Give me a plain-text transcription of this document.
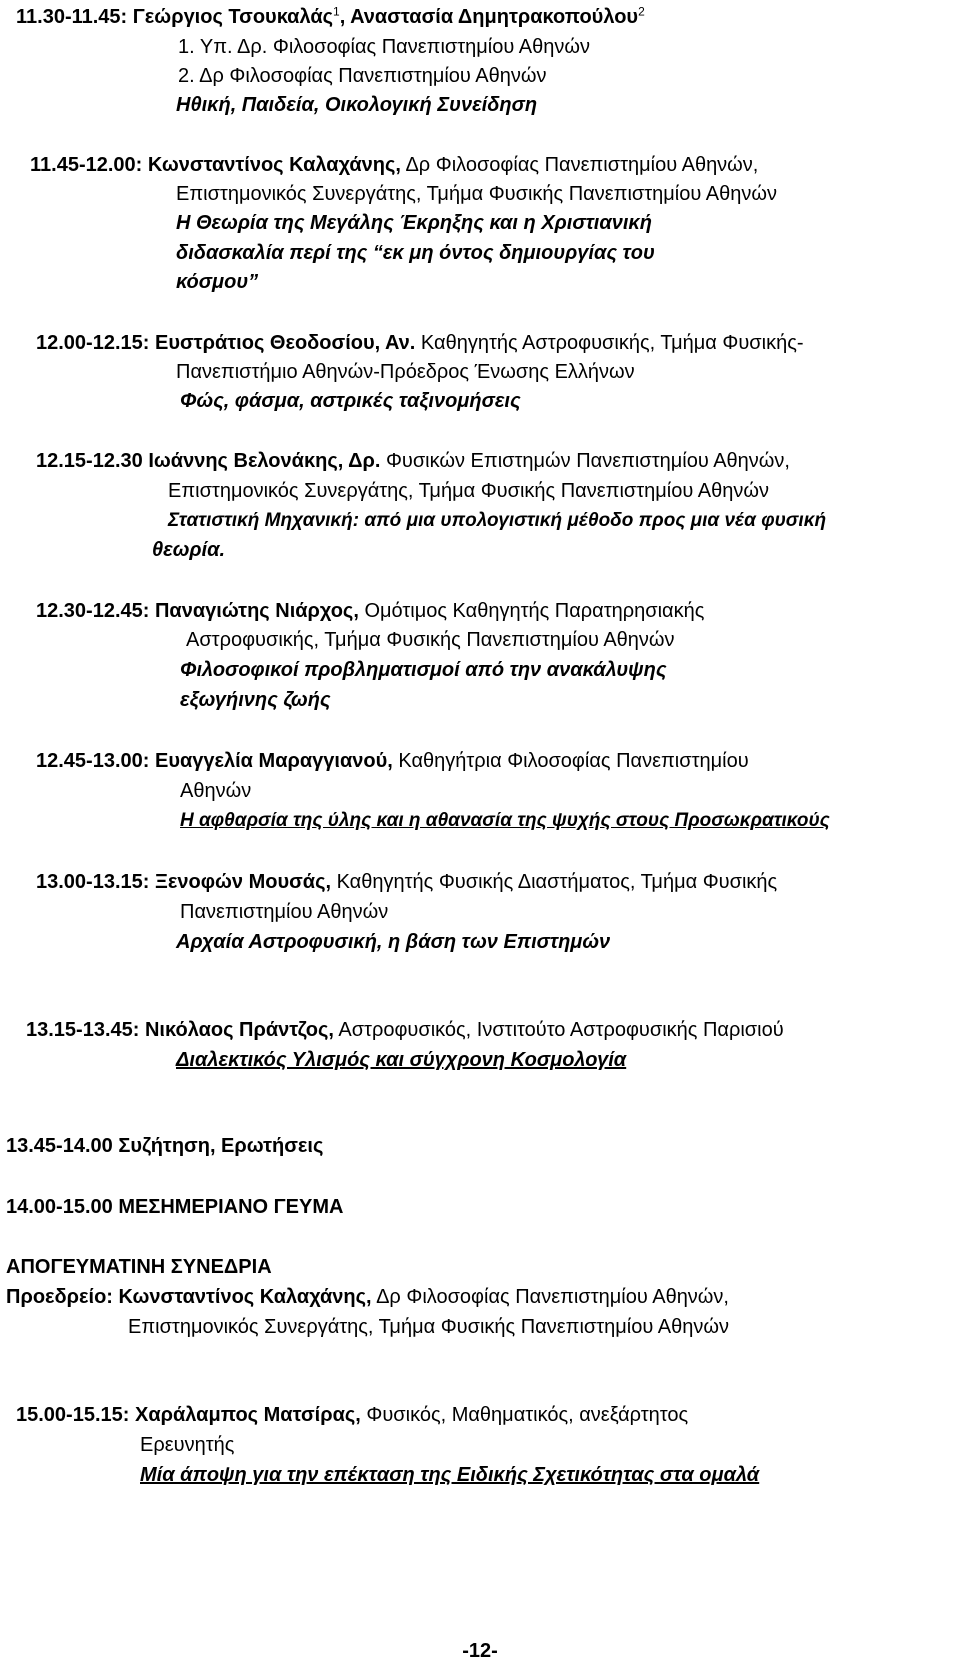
11.30-11.45: Γεώργιος Τσουκαλάς$^1$, Αναστασία Δημητρακοπούλου$^2$

1. Υπ. Δρ. Φιλοσοφίας Πανεπιστημίου Αθηνών

2. Δρ Φιλοσοφίας Πανεπιστημίου Αθηνών

Ηθική, Παιδεία, Οικολογική Συνείδηση

11.45-12.00: Κωνσταντίνος Καλαχάνης, Δρ Φιλοσοφίας Πανεπιστημίου Αθηνών,

Επιστημονικός Συνεργάτης, Τμήμα Φυσικής Πανεπιστημίου Αθηνών

Η Θεωρία της Μεγάλης Έκρηξης και η Χριστιανική

διδασκαλία περί της “εκ μη όντος δημιουργίας του

κόσμου”

12.00-12.15: Ευστράτιος Θεοδοσίου, Αν. Καθηγητής Αστροφυσικής, Τμήμα Φυσικής-

Πανεπιστήμιο Αθηνών-Πρόεδρος Ένωσης Ελλήνων

Φώς, φάσμα, αστρικές ταξινομήσεις

12.15-12.30 Ιωάννης Βελονάκης, Δρ. Φυσικών Επιστημών Πανεπιστημίου Αθηνών,

Επιστημονικός Συνεργάτης, Τμήμα Φυσικής Πανεπιστημίου Αθηνών

Στατιστική Μηχανική: από μια υπολογιστική μέθοδο προς μια νέα φυσική

θεωρία.

12.30-12.45: Παναγιώτης Νιάρχος, Ομότιμος Καθηγητής Παρατηρησιακής

Αστροφυσικής, Τμήμα Φυσικής Πανεπιστημίου Αθηνών

Φιλοσοφικοί προβληματισμοί από την ανακάλυψης

εξωγήινης ζωής

12.45-13.00: Ευαγγελία Μαραγγιανού, Καθηγήτρια Φιλοσοφίας Πανεπιστημίου

Αθηνών

Η αφθαρσία της ύλης και η αθανασία της ψυχής στους Προσωκρατικούς

13.00-13.15: Ξενοφών Μουσάς, Καθηγητής Φυσικής Διαστήματος, Τμήμα Φυσικής

Πανεπιστημίου Αθηνών

Αρχαία Αστροφυσική, η βάση των Επιστημών

13.15-13.45: Νικόλαος Πράντζος, Αστροφυσικός, Ινστιτούτο Αστροφυσικής Παρισιού

Διαλεκτικός Υλισμός και σύγχρονη Κοσμολογία

13.45-14.00 Συζήτηση, Ερωτήσεις

14.00-15.00 ΜΕΣΗΜΕΡΙΑΝΟ ΓΕΥΜΑ

ΑΠΟΓΕΥΜΑΤΙΝΗ ΣΥΝΕΔΡΙΑ

Προεδρείο: Κωνσταντίνος Καλαχάνης, Δρ Φιλοσοφίας Πανεπιστημίου Αθηνών,

Επιστημονικός Συνεργάτης, Τμήμα Φυσικής Πανεπιστημίου Αθηνών

15.00-15.15: Χαράλαμπος Ματσίρας, Φυσικός, Μαθηματικός, ανεξάρτητος

Ερευνητής

Μία άποψη για την επέκταση της Ειδικής Σχετικότητας στα ομαλά

-12-
